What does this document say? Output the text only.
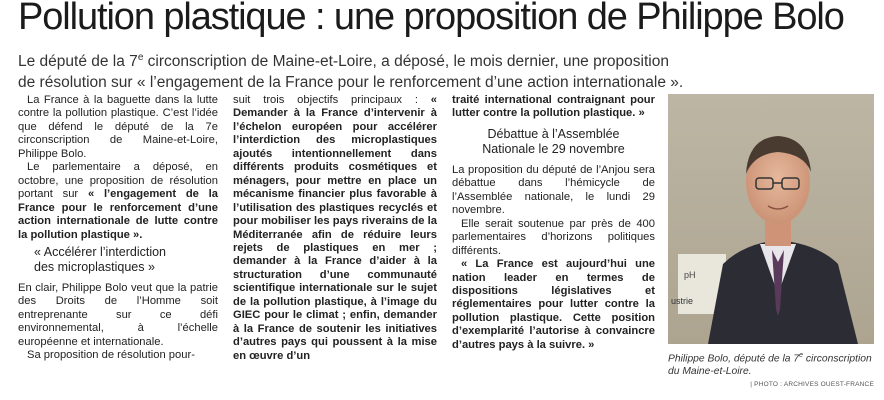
Pollution plastique : une proposition de Philippe Bolo
Le député de la 7e circonscription de Maine-et-Loire, a déposé, le mois dernier, une proposition
de résolution sur « l’engagement de la France pour le renforcement d’une action internationale ».

La France à la baguette dans la lutte contre la pollution plastique. C’est l’idée que défend le député de la 7e circonscription de Maine-et-Loire, Philippe Bolo.

Le parlementaire a déposé, en octobre, une proposition de résolution portant sur « l’engagement de la France pour le renforcement d’une action internationale de lutte contre la pollution plastique ».

« Accélérer l’interdiction
des microplastiques »

En clair, Philippe Bolo veut que la patrie des Droits de l’Homme soit entreprenante sur ce défi environnemental, à l’échelle européenne et internationale.

Sa proposition de résolution pour-

suit trois objectifs principaux : « Demander à la France d’intervenir à l’échelon européen pour accélérer l’interdiction des microplastiques ajoutés intentionnellement dans différents produits cosmétiques et ménagers, pour mettre en place un mécanisme financier plus favorable à l’utilisation des plastiques recyclés et pour mobiliser les pays riverains de la Méditerranée afin de réduire leurs rejets de plastiques en mer ; demander à la France d’aider à la structuration d’une communauté scientifique internationale sur le sujet de la pollution plastique, à l’image du GIEC pour le climat ; enfin, demander à la France de soutenir les initiatives d’autres pays qui poussent à la mise en œuvre d’un

traité international contraignant pour lutter contre la pollution plastique. »

Débattue à l’Assemblée
Nationale le 29 novembre

La proposition du député de l’Anjou sera débattue dans l’hémicycle de l’Assemblée nationale, le lundi 29 novembre.

Elle serait soutenue par près de 400 parlementaires d’horizons politiques différents.

« La France est aujourd’hui une nation leader en termes de dispositions législatives et réglementaires pour lutter contre la pollution plastique. Cette position d’exemplarité l’autorise à convaincre d’autres pays à la suivre. »

pH
ustrie
Philippe Bolo, député de la 7e circonscription du Maine-et-Loire.
| PHOTO : ARCHIVES OUEST-FRANCE
